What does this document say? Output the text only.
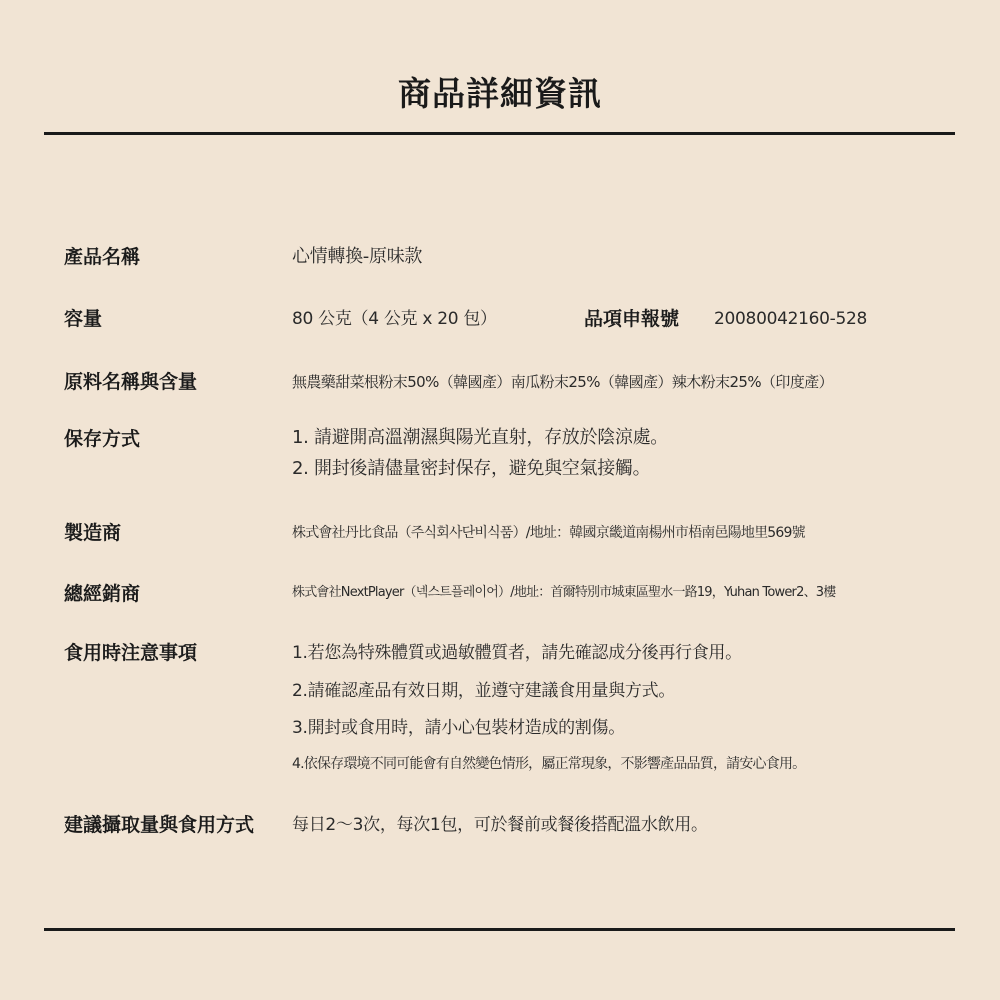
商品詳細資訊
產品名稱	心情轉換-原味款
容量	80 公克（4 公克 x 20 包）	品項申報號 20080042160-528
原料名稱與含量	無農藥甜菜根粉末50%（韓國產）南瓜粉末25%（韓國產）辣木粉末25%（印度產）
保存方式	1. 請避開高溫潮濕與陽光直射，存放於陰涼處。
2. 開封後請儘量密封保存，避免與空氣接觸。
製造商	株式會社丹比食品（주식회사단비식품）/地址：韓國京畿道南楊州市梧南邑陽地里569號
總經銷商	株式會社NextPlayer（넥스트플레이어）/地址：首爾特別市城東區聖水一路19，Yuhan Tower2、3樓
食用時注意事項	1.若您為特殊體質或過敏體質者，請先確認成分後再行食用。
2.請確認產品有效日期，並遵守建議食用量與方式。
3.開封或食用時，請小心包裝材造成的割傷。
4.依保存環境不同可能會有自然變色情形，屬正常現象，不影響產品品質，請安心食用。
建議攝取量與食用方式 每日2～3次，每次1包，可於餐前或餐後搭配溫水飲用。
